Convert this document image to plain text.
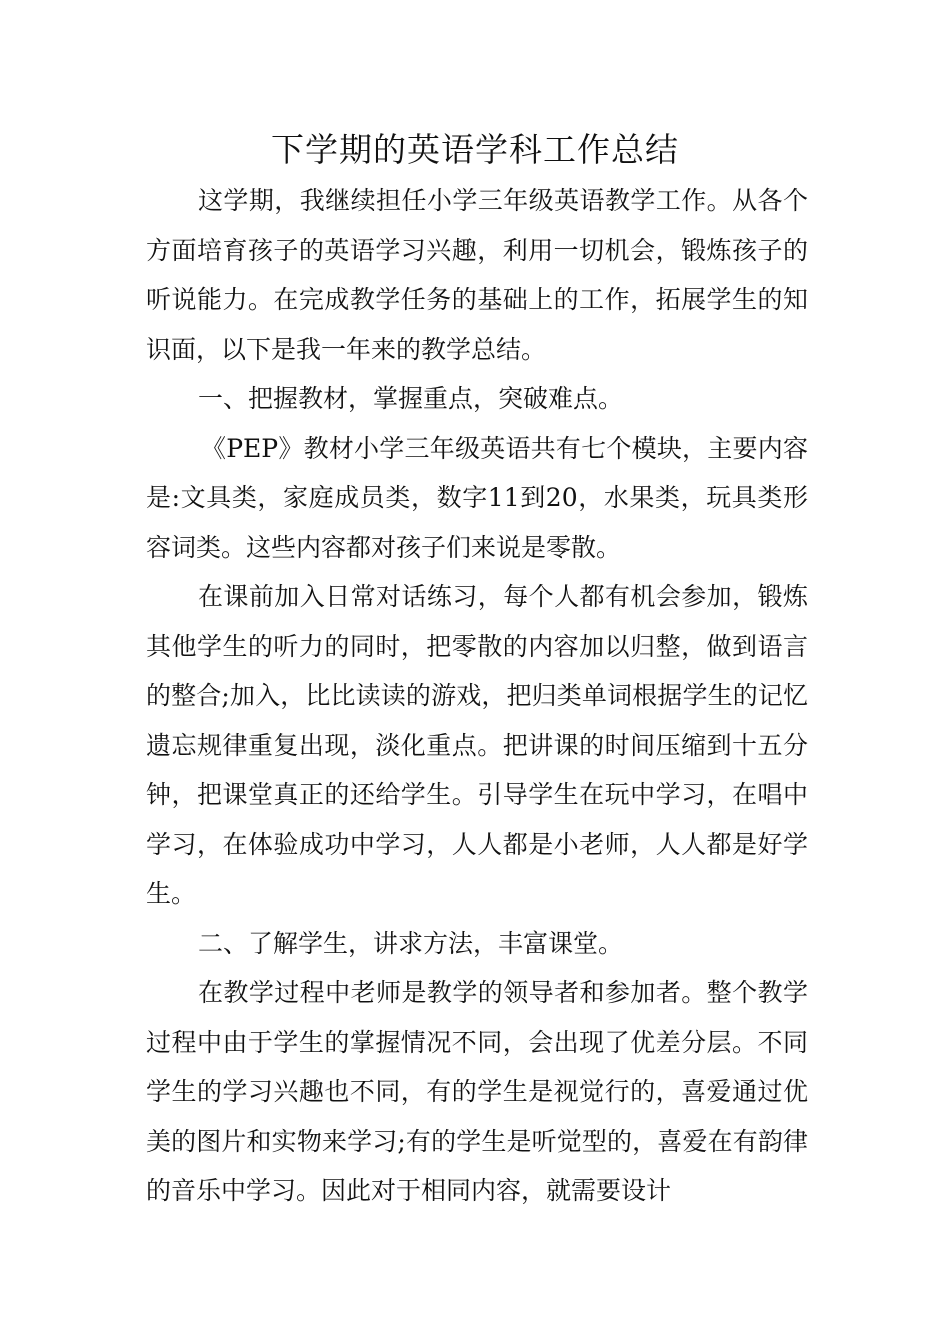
下学期的英语学科工作总结

这学期，我继续担任小学三年级英语教学工作。从各个方面培育孩子的英语学习兴趣，利用一切机会，锻炼孩子的听说能力。在完成教学任务的基础上的工作，拓展学生的知识面，以下是我一年来的教学总结。

一、把握教材，掌握重点，突破难点。

《PEP》教材小学三年级英语共有七个模块，主要内容是:文具类，家庭成员类，数字11到20，水果类，玩具类形容词类。这些内容都对孩子们来说是零散。

在课前加入日常对话练习，每个人都有机会参加，锻炼其他学生的听力的同时，把零散的内容加以归整，做到语言的整合;加入，比比读读的游戏，把归类单词根据学生的记忆遗忘规律重复出现，淡化重点。把讲课的时间压缩到十五分钟，把课堂真正的还给学生。引导学生在玩中学习，在唱中学习，在体验成功中学习，人人都是小老师，人人都是好学生。

二、了解学生，讲求方法，丰富课堂。

在教学过程中老师是教学的领导者和参加者。整个教学过程中由于学生的掌握情况不同，会出现了优差分层。不同学生的学习兴趣也不同，有的学生是视觉行的，喜爱通过优美的图片和实物来学习;有的学生是听觉型的，喜爱在有韵律的音乐中学习。因此对于相同内容，就需要设计
